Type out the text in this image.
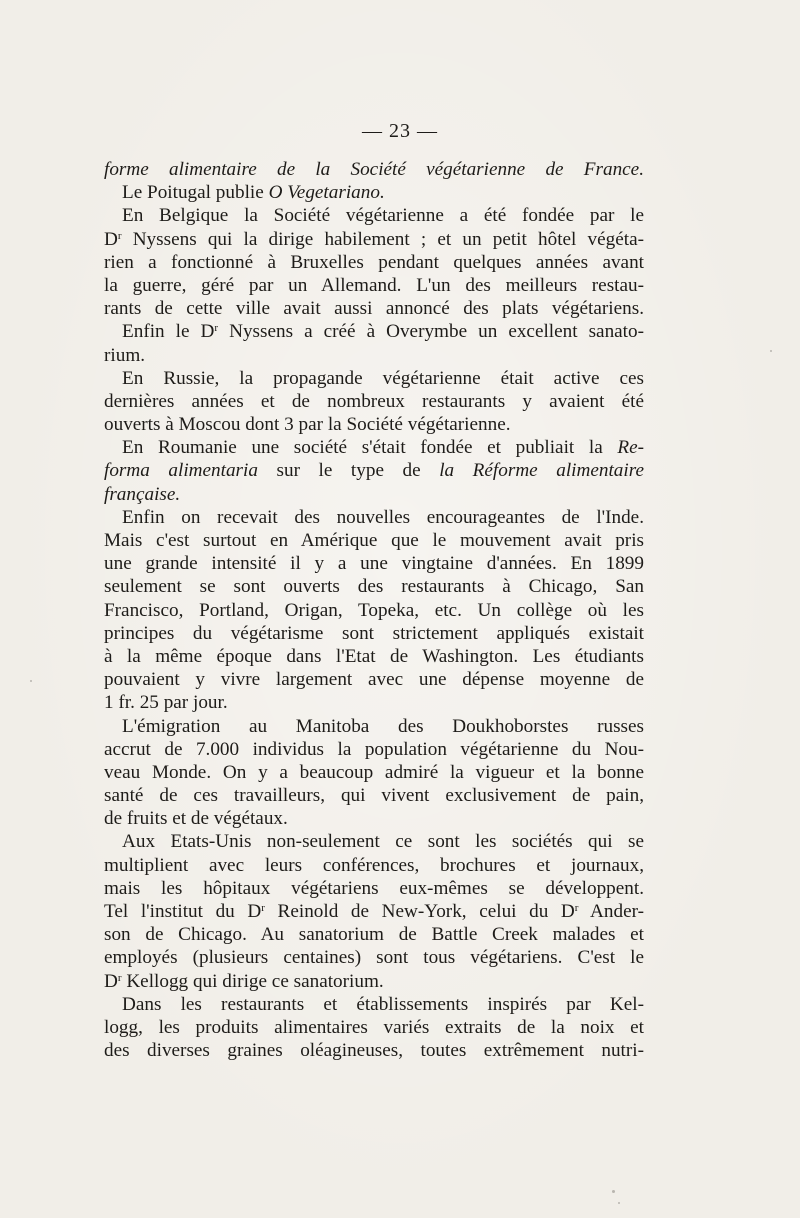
— 23 —
forme alimentaire de la Société végétarienne de France.
Le Poitugal publie O Vegetariano.
En Belgique la Société végétarienne a été fondée par le
$D^r$ Nyssens qui la dirige habilement ; et un petit hôtel végéta-
rien a fonctionné à Bruxelles pendant quelques années avant
la guerre, géré par un Allemand. L'un des meilleurs restau-
rants de cette ville avait aussi annoncé des plats végétariens.
Enfin le $D^r$ Nyssens a créé à Overymbe un excellent sanato-
rium.
En Russie, la propagande végétarienne était active ces
dernières années et de nombreux restaurants y avaient été
ouverts à Moscou dont 3 par la Société végétarienne.
En Roumanie une société s'était fondée et publiait la Re-
forma alimentaria sur le type de la Réforme alimentaire
française.
Enfin on recevait des nouvelles encourageantes de l'Inde.
Mais c'est surtout en Amérique que le mouvement avait pris
une grande intensité il y a une vingtaine d'années. En 1899
seulement se sont ouverts des restaurants à Chicago, San
Francisco, Portland, Origan, Topeka, etc. Un collège où les
principes du végétarisme sont strictement appliqués existait
à la même époque dans l'Etat de Washington. Les étudiants
pouvaient y vivre largement avec une dépense moyenne de
1 fr. 25 par jour.
L'émigration au Manitoba des Doukhoborstes russes
accrut de 7.000 individus la population végétarienne du Nou-
veau Monde. On y a beaucoup admiré la vigueur et la bonne
santé de ces travailleurs, qui vivent exclusivement de pain,
de fruits et de végétaux.
Aux Etats-Unis non-seulement ce sont les sociétés qui se
multiplient avec leurs conférences, brochures et journaux,
mais les hôpitaux végétariens eux-mêmes se développent.
Tel l'institut du $D^r$ Reinold de New-York, celui du $D^r$ Ander-
son de Chicago. Au sanatorium de Battle Creek malades et
employés (plusieurs centaines) sont tous végétariens. C'est le
$D^r$ Kellogg qui dirige ce sanatorium.
Dans les restaurants et établissements inspirés par Kel-
logg, les produits alimentaires variés extraits de la noix et
des diverses graines oléagineuses, toutes extrêmement nutri-
